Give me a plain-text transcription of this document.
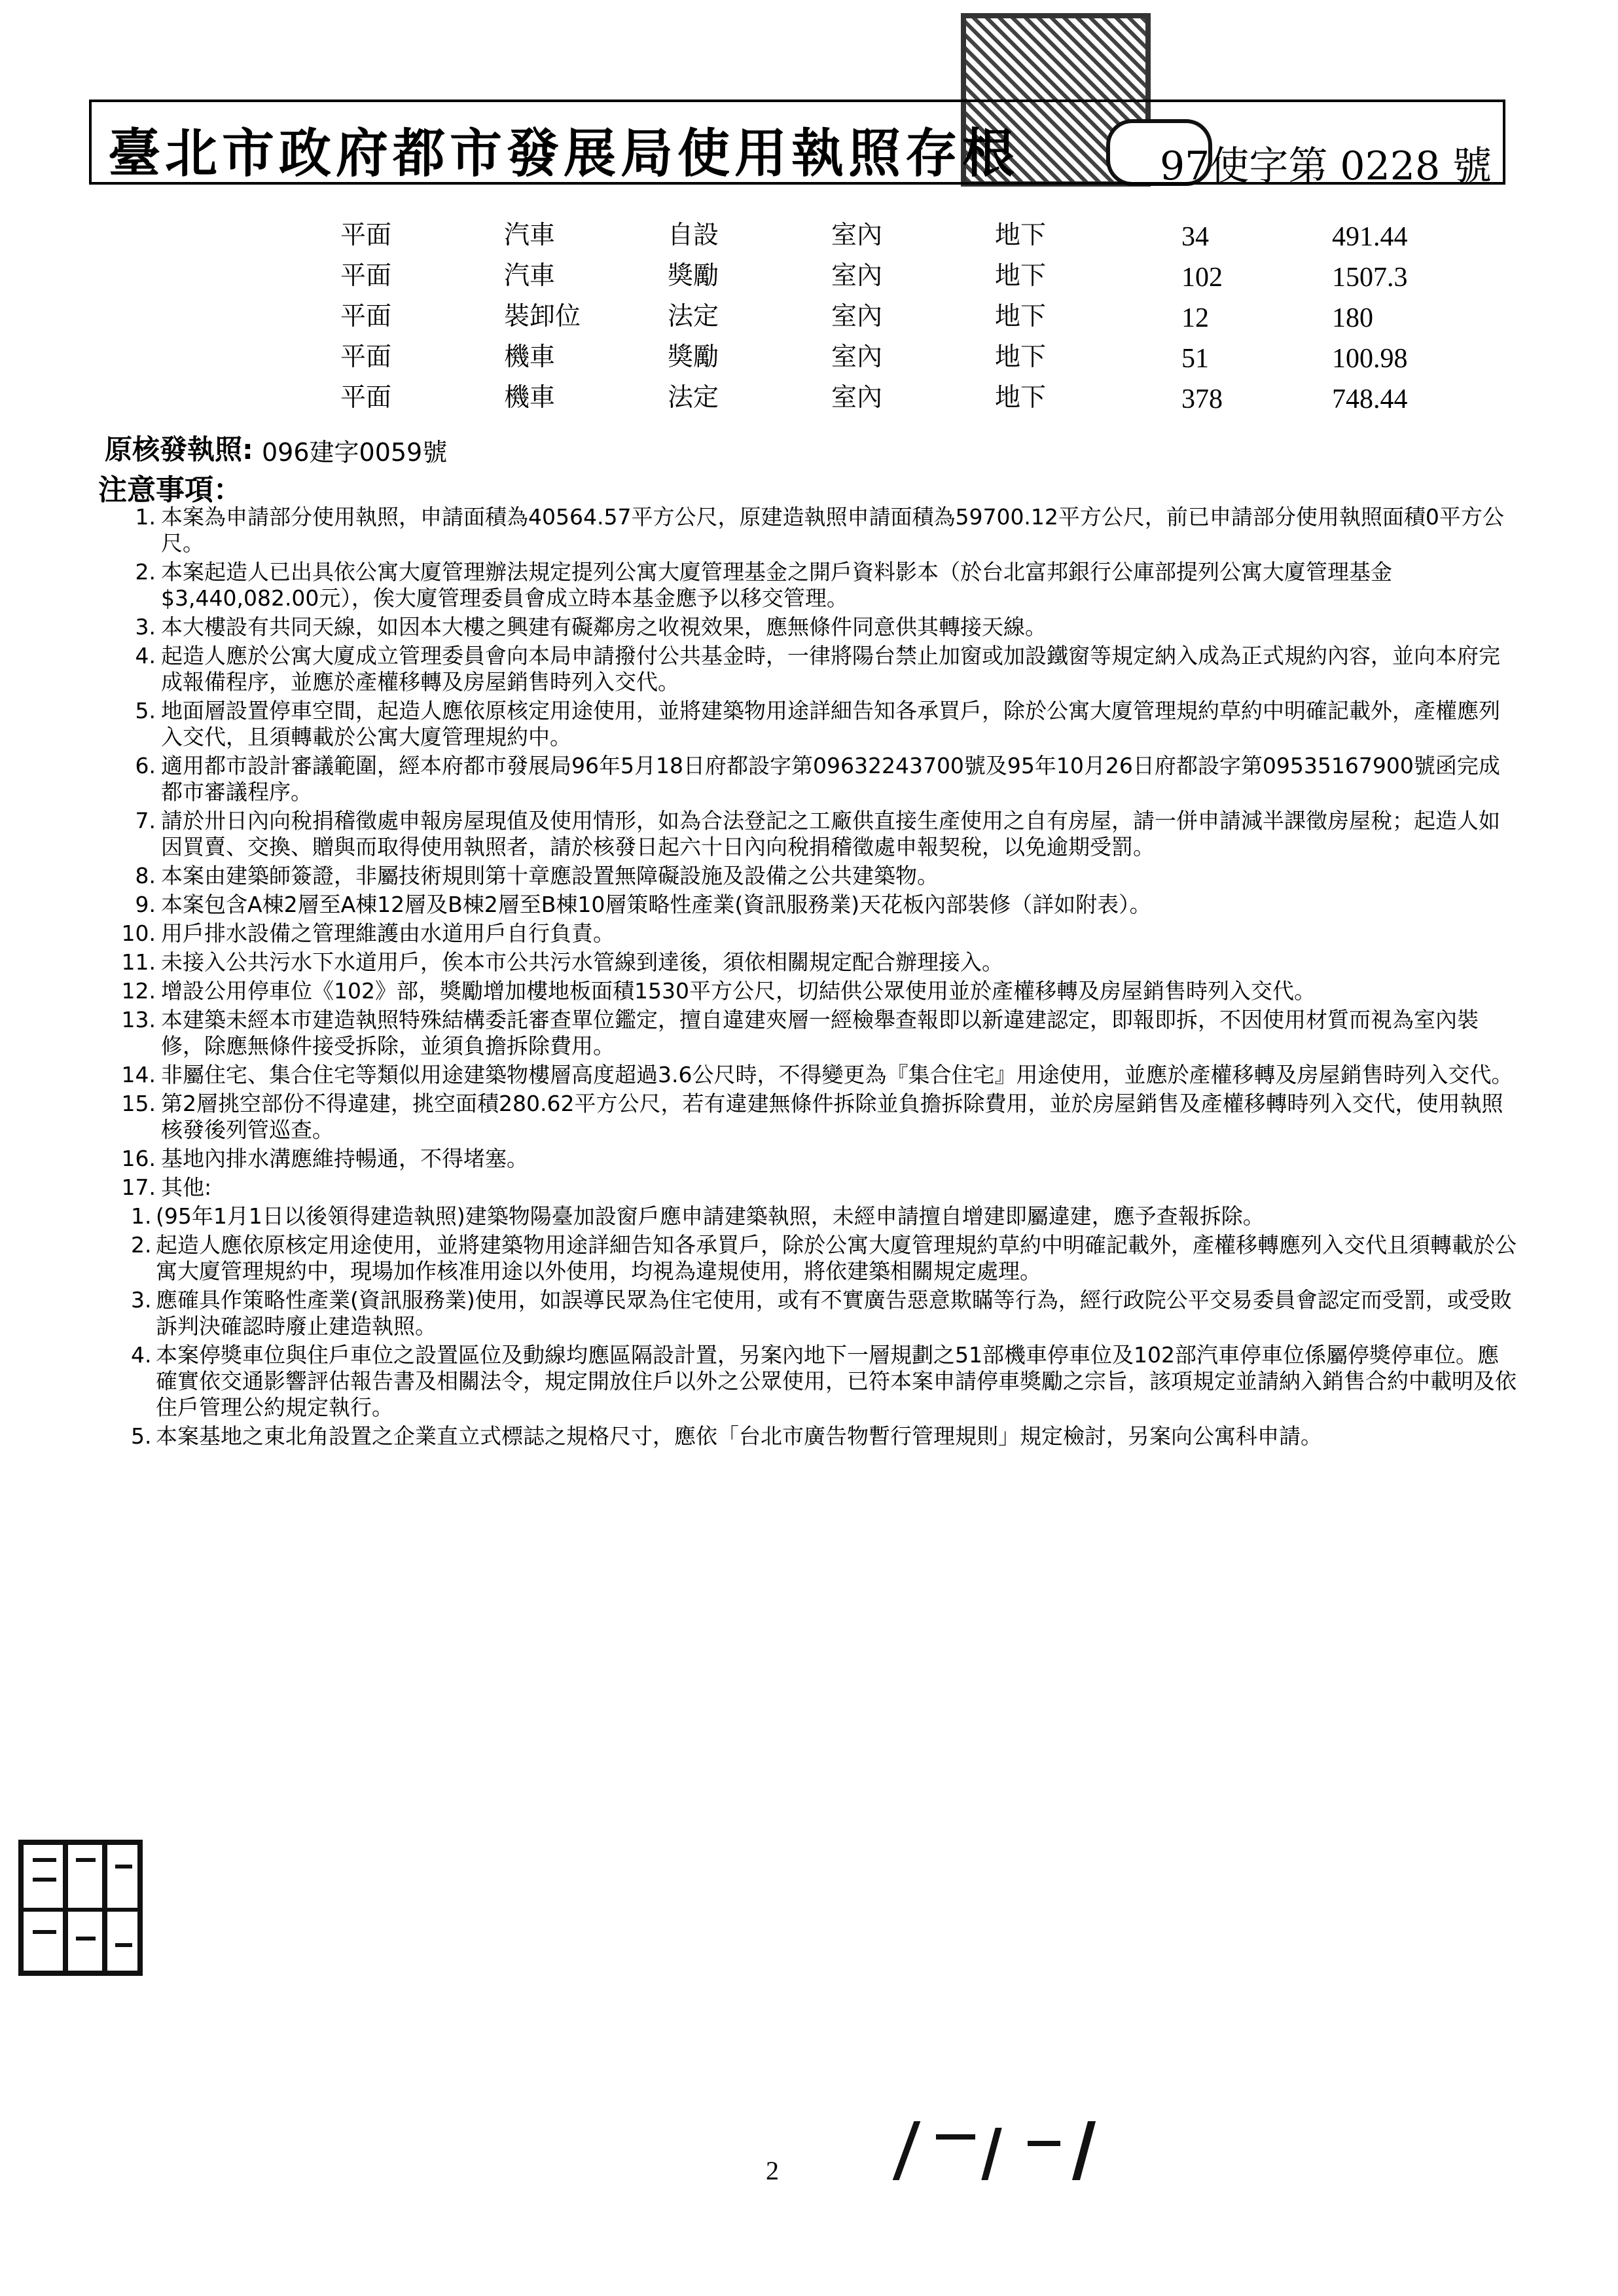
臺北市政府都市發展局使用執照存根	97使字第 0228 號
平面	汽車	自設	室內	地下	34	491.44
平面	汽車	獎勵	室內	地下	102	1507.3
平面	裝卸位	法定	室內	地下	12	180
平面	機車	獎勵	室內	地下	51	100.98
平面	機車	法定	室內	地下	378	748.44
原核發執照: 096建字0059號
注意事項：
1. 本案為申請部分使用執照，申請面積為40564.57平方公尺，原建造執照申請面積為59700.12平方公尺，前已申請部分使用執照面積0平方公尺。
2. 本案起造人已出具依公寓大廈管理辦法規定提列公寓大廈管理基金之開戶資料影本（於台北富邦銀行公庫部提列公寓大廈管理基金$3,440,082.00元），俟大廈管理委員會成立時本基金應予以移交管理。
3. 本大樓設有共同天線，如因本大樓之興建有礙鄰房之收視效果，應無條件同意供其轉接天線。
4. 起造人應於公寓大廈成立管理委員會向本局申請撥付公共基金時，一律將陽台禁止加窗或加設鐵窗等規定納入成為正式規約內容，並向本府完成報備程序，並應於產權移轉及房屋銷售時列入交代。
5. 地面層設置停車空間，起造人應依原核定用途使用，並將建築物用途詳細告知各承買戶，除於公寓大廈管理規約草約中明確記載外，產權應列入交代，且須轉載於公寓大廈管理規約中。
6. 適用都市設計審議範圍，經本府都市發展局96年5月18日府都設字第09632243700號及95年10月26日府都設字第09535167900號函完成都市審議程序。
7. 請於卅日內向稅捐稽徵處申報房屋現值及使用情形，如為合法登記之工廠供直接生產使用之自有房屋，請一併申請減半課徵房屋稅；起造人如因買賣、交換、贈與而取得使用執照者，請於核發日起六十日內向稅捐稽徵處申報契稅，以免逾期受罰。
8. 本案由建築師簽證，非屬技術規則第十章應設置無障礙設施及設備之公共建築物。
9. 本案包含A棟2層至A棟12層及B棟2層至B棟10層策略性產業(資訊服務業)天花板內部裝修（詳如附表）。
10. 用戶排水設備之管理維護由水道用戶自行負責。
11. 未接入公共污水下水道用戶，俟本市公共污水管線到達後，須依相關規定配合辦理接入。
12. 增設公用停車位《102》部，獎勵增加樓地板面積1530平方公尺，切結供公眾使用並於產權移轉及房屋銷售時列入交代。
13. 本建築未經本市建造執照特殊結構委託審查單位鑑定，擅自違建夾層一經檢舉查報即以新違建認定，即報即拆，不因使用材質而視為室內裝修，除應無條件接受拆除，並須負擔拆除費用。
14. 非屬住宅、集合住宅等類似用途建築物樓層高度超過3.6公尺時，不得變更為『集合住宅』用途使用，並應於產權移轉及房屋銷售時列入交代。
15. 第2層挑空部份不得違建，挑空面積280.62平方公尺，若有違建無條件拆除並負擔拆除費用，並於房屋銷售及產權移轉時列入交代，使用執照核發後列管巡查。
16. 基地內排水溝應維持暢通，不得堵塞。
17. 其他:
1. (95年1月1日以後領得建造執照)建築物陽臺加設窗戶應申請建築執照，未經申請擅自增建即屬違建，應予查報拆除。
2. 起造人應依原核定用途使用，並將建築物用途詳細告知各承買戶，除於公寓大廈管理規約草約中明確記載外，產權移轉應列入交代且須轉載於公寓大廈管理規約中，現場加作核准用途以外使用，均視為違規使用，將依建築相關規定處理。
3. 應確具作策略性產業(資訊服務業)使用，如誤導民眾為住宅使用，或有不實廣告惡意欺瞞等行為，經行政院公平交易委員會認定而受罰，或受敗訴判決確認時廢止建造執照。
4. 本案停獎車位與住戶車位之設置區位及動線均應區隔設計置，另案內地下一層規劃之51部機車停車位及102部汽車停車位係屬停獎停車位。應確實依交通影響評估報告書及相關法令，規定開放住戶以外之公眾使用，已符本案申請停車獎勵之宗旨，該項規定並請納入銷售合約中載明及依住戶管理公約規定執行。
5. 本案基地之東北角設置之企業直立式標誌之規格尺寸，應依「台北市廣告物暫行管理規則」規定檢討，另案向公寓科申請。
2
